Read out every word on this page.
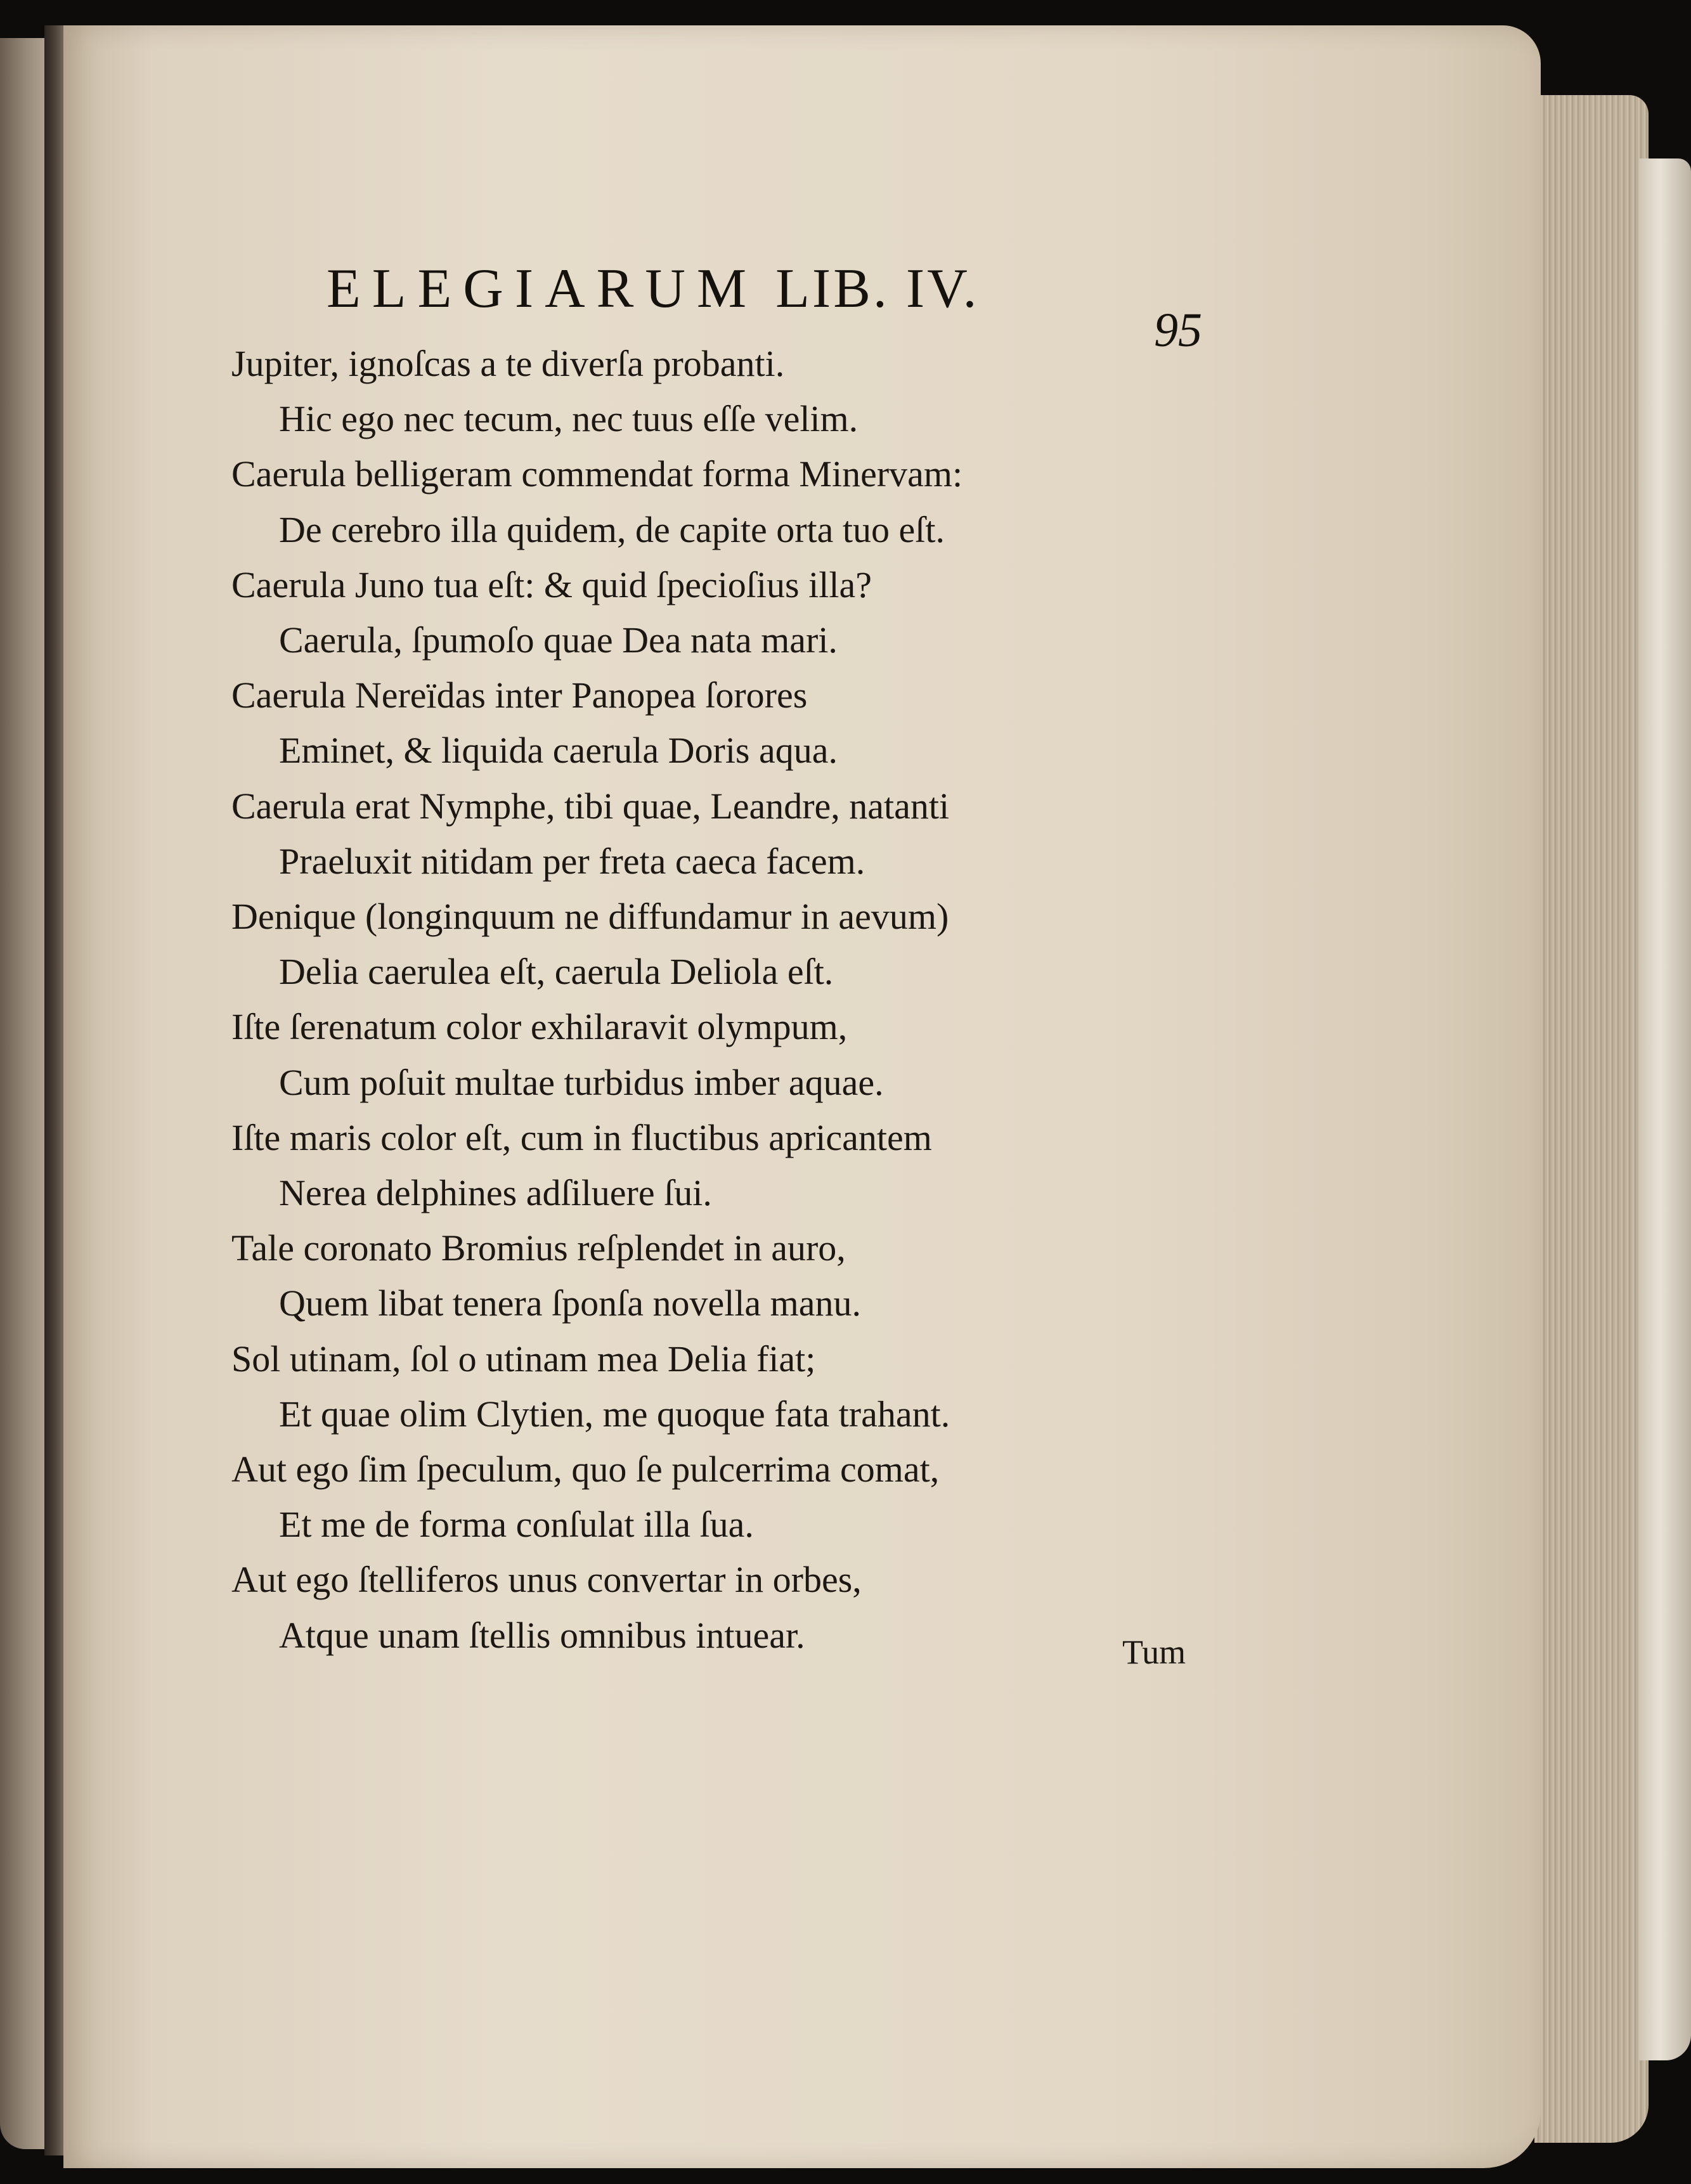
ELEGIARUM LIB. IV.
95
Jupiter, ignoſcas a te diverſa probanti.
Hic ego nec tecum, nec tuus eſſe velim.
Caerula belligeram commendat forma Minervam:
De cerebro illa quidem, de capite orta tuo eſt.
Caerula Juno tua eſt: & quid ſpecioſius illa?
Caerula, ſpumoſo quae Dea nata mari.
Caerula Nereïdas inter Panopea ſorores
Eminet, & liquida caerula Doris aqua.
Caerula erat Nymphe, tibi quae, Leandre, natanti
Praeluxit nitidam per freta caeca facem.
Denique (longinquum ne diffundamur in aevum)
Delia caerulea eſt, caerula Deliola eſt.
Iſte ſerenatum color exhilaravit olympum,
Cum poſuit multae turbidus imber aquae.
Iſte maris color eſt, cum in fluctibus apricantem
Nerea delphines adſiluere ſui.
Tale coronato Bromius reſplendet in auro,
Quem libat tenera ſponſa novella manu.
Sol utinam, ſol o utinam mea Delia fiat;
Et quae olim Clytien, me quoque fata trahant.
Aut ego ſim ſpeculum, quo ſe pulcerrima comat,
Et me de forma conſulat illa ſua.
Aut ego ſtelliferos unus convertar in orbes,
Atque unam ſtellis omnibus intuear.	Tum
